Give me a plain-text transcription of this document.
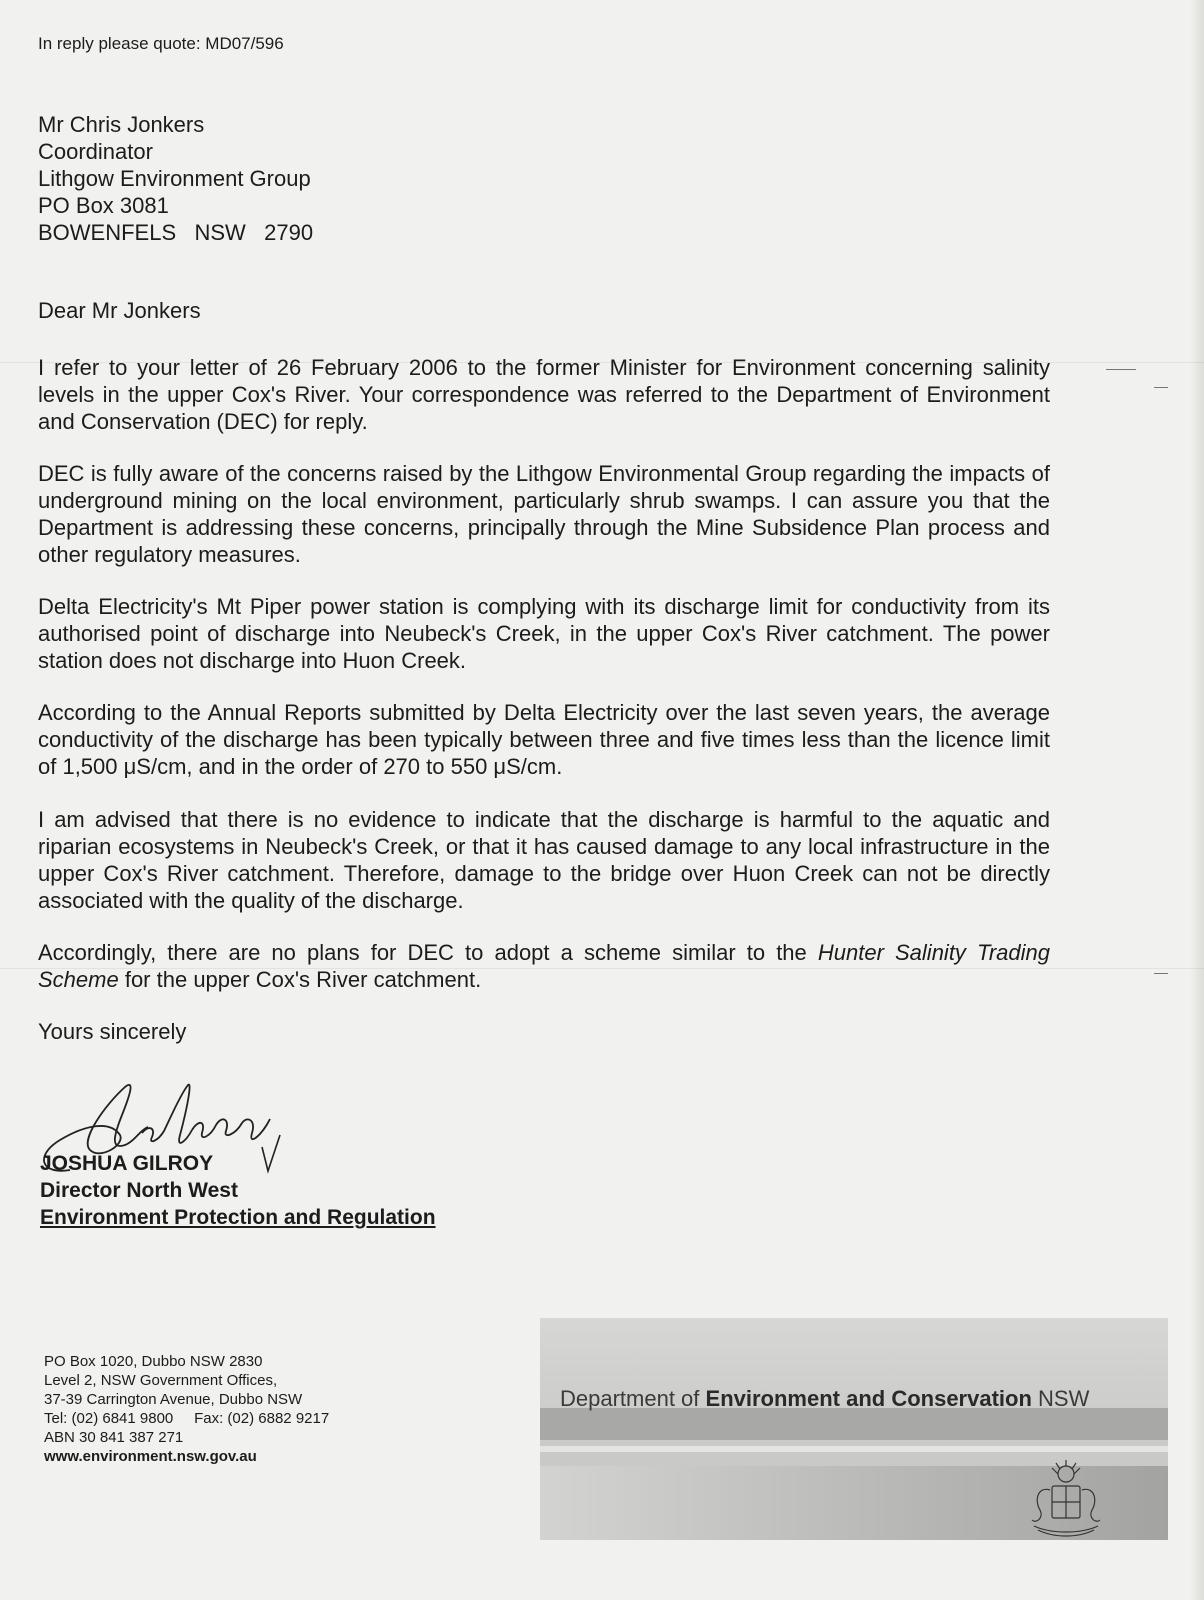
In reply please quote: MD07/596
Mr Chris Jonkers
Coordinator
Lithgow Environment Group
PO Box 3081
BOWENFELS   NSW   2790
Dear Mr Jonkers
I refer to your letter of 26 February 2006 to the former Minister for Environment concerning salinity levels in the upper Cox's River. Your correspondence was referred to the Department of Environment and Conservation (DEC) for reply.
DEC is fully aware of the concerns raised by the Lithgow Environmental Group regarding the impacts of underground mining on the local environment, particularly shrub swamps. I can assure you that the Department is addressing these concerns, principally through the Mine Subsidence Plan process and other regulatory measures.
Delta Electricity's Mt Piper power station is complying with its discharge limit for conductivity from its authorised point of discharge into Neubeck's Creek, in the upper Cox's River catchment. The power station does not discharge into Huon Creek.
According to the Annual Reports submitted by Delta Electricity over the last seven years, the average conductivity of the discharge has been typically between three and five times less than the licence limit of 1,500 μS/cm, and in the order of 270 to 550 μS/cm.
I am advised that there is no evidence to indicate that the discharge is harmful to the aquatic and riparian ecosystems in Neubeck's Creek, or that it has caused damage to any local infrastructure in the upper Cox's River catchment. Therefore, damage to the bridge over Huon Creek can not be directly associated with the quality of the discharge.
Accordingly, there are no plans for DEC to adopt a scheme similar to the Hunter Salinity Trading Scheme for the upper Cox's River catchment.
Yours sincerely
JOSHUA GILROY
Director North West
Environment Protection and Regulation
Department of Environment and Conservation NSW
PO Box 1020, Dubbo NSW 2830
Level 2, NSW Government Offices,
37-39 Carrington Avenue, Dubbo NSW
Tel: (02) 6841 9800     Fax: (02) 6882 9217
ABN 30 841 387 271
www.environment.nsw.gov.au
